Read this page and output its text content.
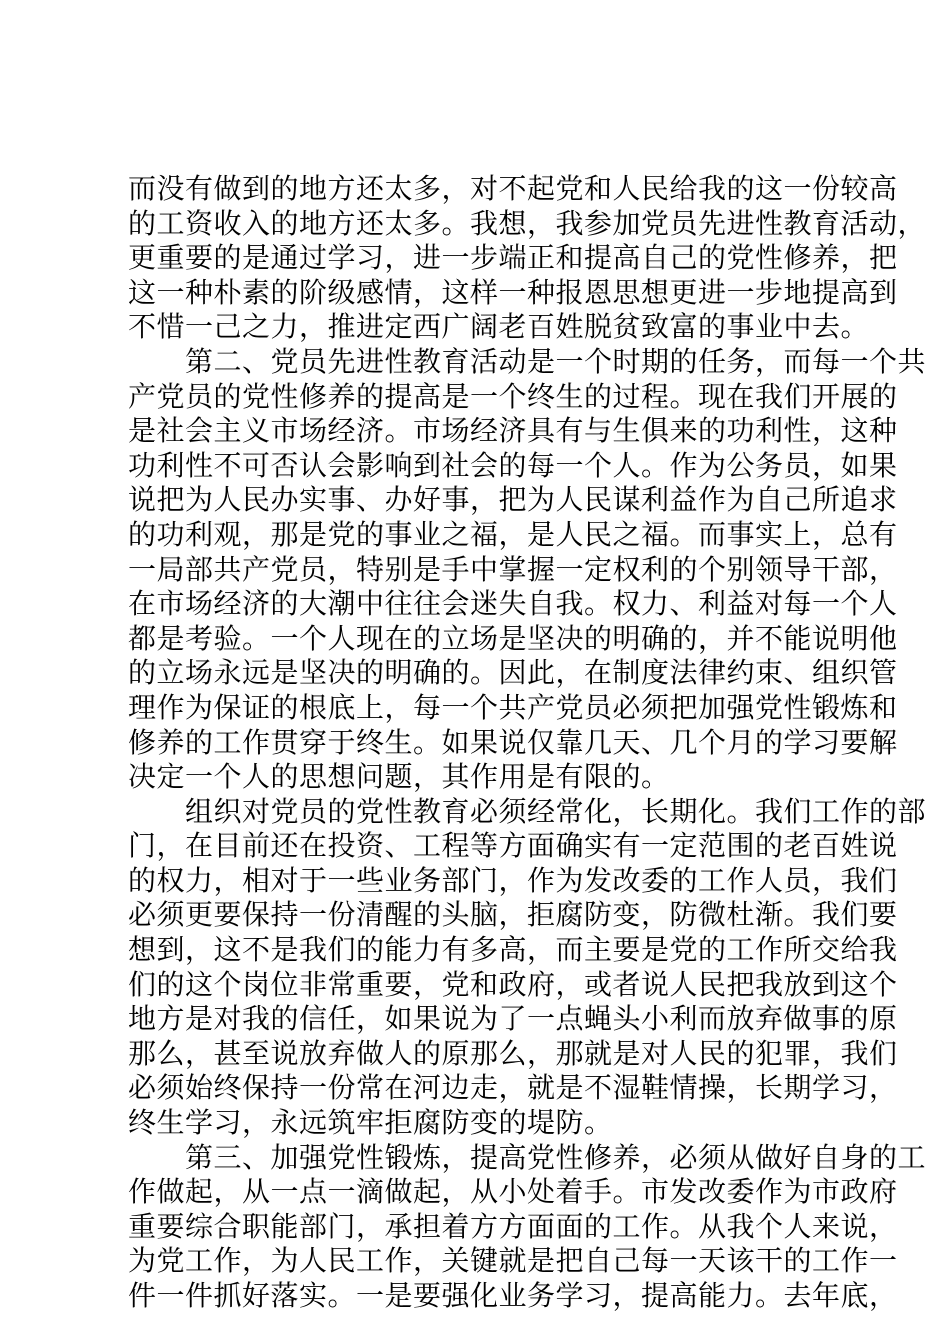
而没有做到的地方还太多，对不起党和人民给我的这一份较高
的工资收入的地方还太多。我想，我参加党员先进性教育活动，
更重要的是通过学习，进一步端正和提高自己的党性修养，把
这一种朴素的阶级感情，这样一种报恩思想更进一步地提高到
不惜一己之力，推进定西广阔老百姓脱贫致富的事业中去。
　　第二、党员先进性教育活动是一个时期的任务，而每一个共
产党员的党性修养的提高是一个终生的过程。现在我们开展的
是社会主义市场经济。市场经济具有与生俱来的功利性，这种
功利性不可否认会影响到社会的每一个人。作为公务员，如果
说把为人民办实事、办好事，把为人民谋利益作为自己所追求
的功利观，那是党的事业之福，是人民之福。而事实上，总有
一局部共产党员，特别是手中掌握一定权利的个别领导干部，
在市场经济的大潮中往往会迷失自我。权力、利益对每一个人
都是考验。一个人现在的立场是坚决的明确的，并不能说明他
的立场永远是坚决的明确的。因此，在制度法律约束、组织管
理作为保证的根底上，每一个共产党员必须把加强党性锻炼和
修养的工作贯穿于终生。如果说仅靠几天、几个月的学习要解
决定一个人的思想问题，其作用是有限的。
　　组织对党员的党性教育必须经常化，长期化。我们工作的部
门，在目前还在投资、工程等方面确实有一定范围的老百姓说
的权力，相对于一些业务部门，作为发改委的工作人员，我们
必须更要保持一份清醒的头脑，拒腐防变，防微杜渐。我们要
想到，这不是我们的能力有多高，而主要是党的工作所交给我
们的这个岗位非常重要，党和政府，或者说人民把我放到这个
地方是对我的信任，如果说为了一点蝇头小利而放弃做事的原
那么，甚至说放弃做人的原那么，那就是对人民的犯罪，我们
必须始终保持一份常在河边走，就是不湿鞋情操，长期学习，
终生学习，永远筑牢拒腐防变的堤防。
　　第三、加强党性锻炼，提高党性修养，必须从做好自身的工
作做起，从一点一滴做起，从小处着手。市发改委作为市政府
重要综合职能部门，承担着方方面面的工作。从我个人来说，
为党工作，为人民工作，关键就是把自己每一天该干的工作一
件一件抓好落实。一是要强化业务学习，提高能力。去年底，
